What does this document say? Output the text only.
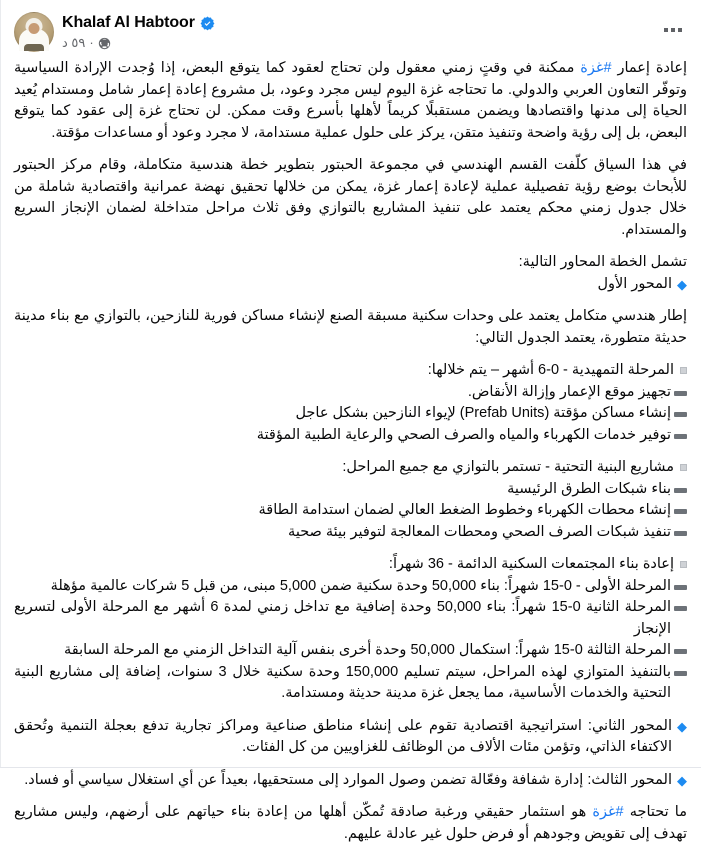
Khalaf Al Habtoor
٥٩ د ·

إعادة إعمار #غزة ممكنة في وقتٍ زمني معقول ولن تحتاج لعقود كما يتوقع البعض، إذا وُجدت الإرادة السياسية وتوفّر التعاون العربي والدولي. ما تحتاجه غزة اليوم ليس مجرد وعود، بل مشروع إعادة إعمار شامل ومستدام يُعيد الحياة إلى مدنها واقتصادها ويضمن مستقبلًا كريماً لأهلها بأسرع وقت ممكن. لن تحتاج غزة إلى عقود كما يتوقع البعض، بل إلى رؤية واضحة وتنفيذ متقن، يركز على حلول عملية مستدامة، لا مجرد وعود أو مساعدات مؤقتة.

في هذا السياق كلّفت القسم الهندسي في مجموعة الحبتور بتطوير خطة هندسية متكاملة، وقام مركز الحبتور للأبحاث بوضع رؤية تفصيلية عملية لإعادة إعمار غزة، يمكن من خلالها تحقيق نهضة عمرانية واقتصادية شاملة من خلال جدول زمني محكم يعتمد على تنفيذ المشاريع بالتوازي وفق ثلاث مراحل متداخلة لضمان الإنجاز السريع والمستدام.

تشمل الخطة المحاور التالية:

◆
المحور الأول

إطار هندسي متكامل يعتمد على وحدات سكنية مسبقة الصنع لإنشاء مساكن فورية للنازحين، بالتوازي مع بناء مدينة حديثة متطورة، يعتمد الجدول التالي:

المرحلة التمهيدية - 0-6 أشهر – يتم خلالها:
تجهيز موقع الإعمار وإزالة الأنقاض.
إنشاء مساكن مؤقتة (Prefab Units) لإيواء النازحين بشكل عاجل
توفير خدمات الكهرباء والمياه والصرف الصحي والرعاية الطبية المؤقتة
مشاريع البنية التحتية - تستمر بالتوازي مع جميع المراحل:
بناء شبكات الطرق الرئيسية
إنشاء محطات الكهرباء وخطوط الضغط العالي لضمان استدامة الطاقة
تنفيذ شبكات الصرف الصحي ومحطات المعالجة لتوفير بيئة صحية
إعادة بناء المجتمعات السكنية الدائمة - 36 شهراً:
المرحلة الأولى - 0-15 شهراً: بناء 50,000 وحدة سكنية ضمن 5,000 مبنى، من قبل 5 شركات عالمية مؤهلة
المرحلة الثانية 0-15 شهراً: بناء 50,000 وحدة إضافية مع تداخل زمني لمدة 6 أشهر مع المرحلة الأولى لتسريع الإنجاز
المرحلة الثالثة 0-15 شهراً: استكمال 50,000 وحدة أخرى بنفس آلية التداخل الزمني مع المرحلة السابقة
بالتنفيذ المتوازي لهذه المراحل، سيتم تسليم 150,000 وحدة سكنية خلال 3 سنوات، إضافة إلى مشاريع البنية التحتية والخدمات الأساسية، مما يجعل غزة مدينة حديثة ومستدامة.
◆
المحور الثاني: استراتيجية اقتصادية تقوم على إنشاء مناطق صناعية ومراكز تجارية تدفع بعجلة التنمية وتُحقق الاكتفاء الذاتي، وتؤمن مئات الألاف من الوظائف للغزاويين من كل الفئات.
◆
المحور الثالث: إدارة شفافة وفعّالة تضمن وصول الموارد إلى مستحقيها، بعيداً عن أي استغلال سياسي أو فساد.

ما تحتاجه #غزة هو استثمار حقيقي ورغبة صادقة تُمكّن أهلها من إعادة بناء حياتهم على أرضهم، وليس مشاريع تهدف إلى تقويض وجودهم أو فرض حلول غير عادلة عليهم.
